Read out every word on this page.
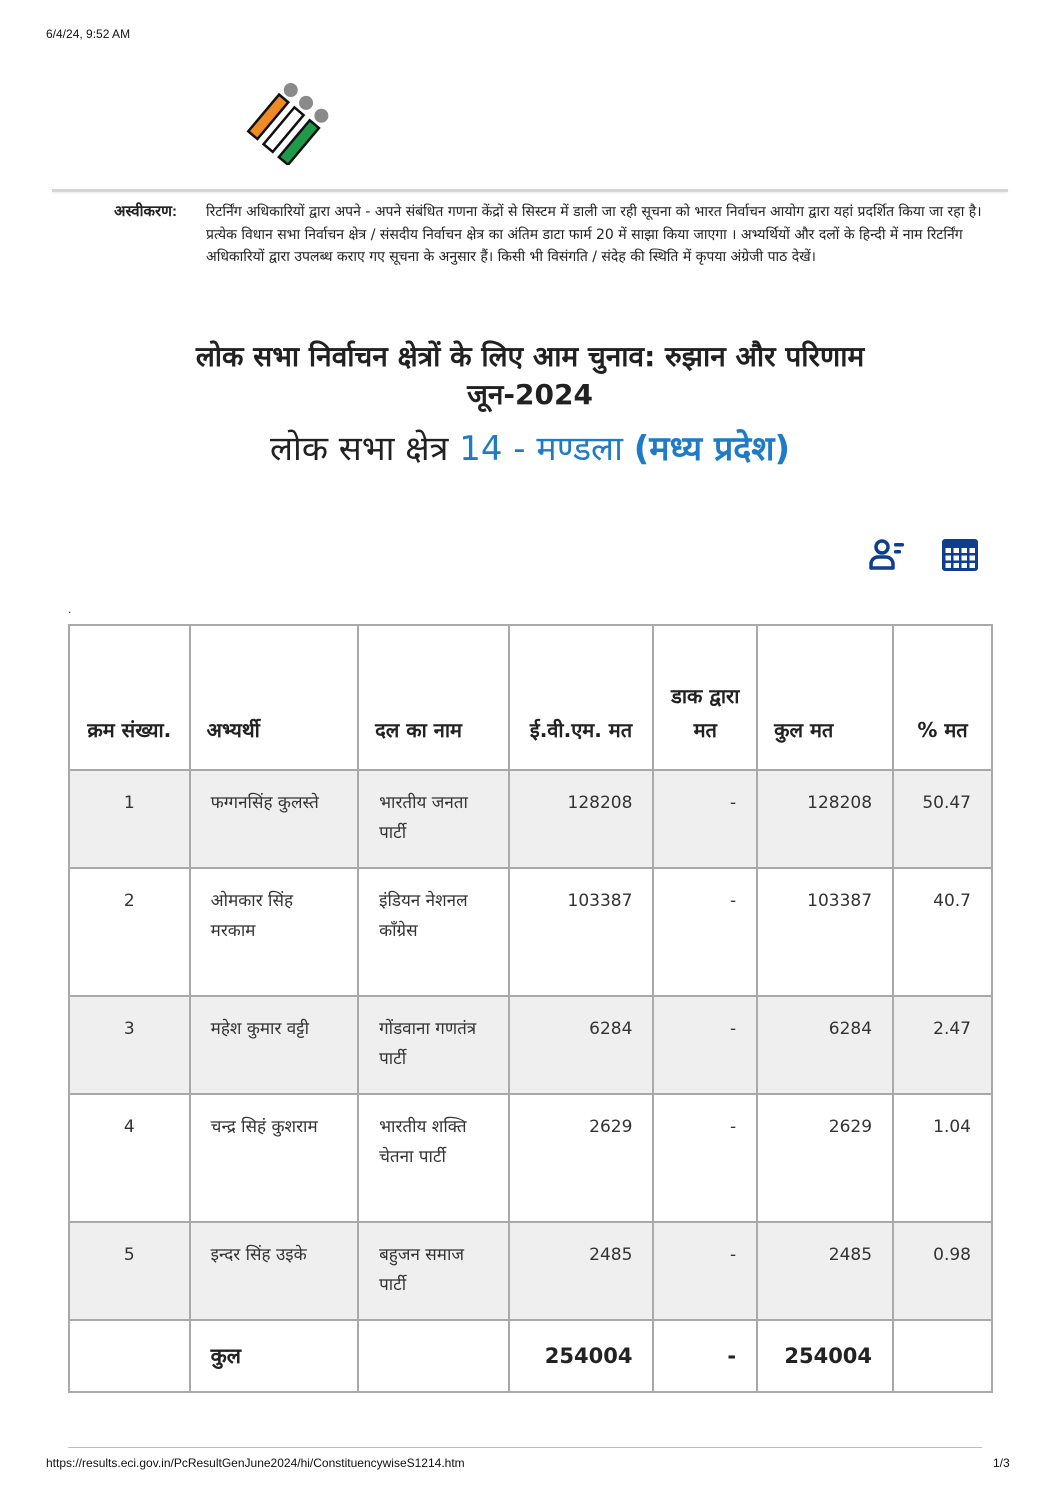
6/4/24, 9:52 AM
अस्वीकरण:	रिटर्निंग अधिकारियों द्वारा अपने - अपने संबंधित गणना केंद्रों से सिस्टम में डाली जा रही सूचना को भारत निर्वाचन आयोग द्वारा यहां प्रदर्शित किया जा रहा है। प्रत्येक विधान सभा निर्वाचन क्षेत्र / संसदीय निर्वाचन क्षेत्र का अंतिम डाटा फार्म 20 में साझा किया जाएगा । अभ्यर्थियों और दलों के हिन्दी में नाम रिटर्निंग अधिकारियों द्वारा उपलब्ध कराए गए सूचना के अनुसार हैं। किसी भी विसंगति / संदेह की स्थिति में कृपया अंग्रेजी पाठ देखें।
लोक सभा निर्वाचन क्षेत्रों के लिए आम चुनाव: रुझान और परिणाम
जून-2024
लोक सभा क्षेत्र 14 - मण्डला (मध्य प्रदेश)
.
क्रम संख्या.	अभ्यर्थी	दल का नाम	ई.वी.एम. मत	डाक द्वारा मत	कुल मत	% मत
1	फग्गनसिंह कुलस्ते	भारतीय जनता पार्टी	128208	-	128208	50.47
2	ओमकार सिंह मरकाम	इंडियन नेशनल कॉंग्रेस	103387	-	103387	40.7
3	महेश कुमार वट्टी	गोंडवाना गणतंत्र पार्टी	6284	-	6284	2.47
4	चन्द्र सिहं कुशराम	भारतीय शक्ति चेतना पार्टी	2629	-	2629	1.04
5	इन्दर सिंह उइके	बहुजन समाज पार्टी	2485	-	2485	0.98
	कुल		254004	-	254004	
https://results.eci.gov.in/PcResultGenJune2024/hi/ConstituencywiseS1214.htm	1/3
